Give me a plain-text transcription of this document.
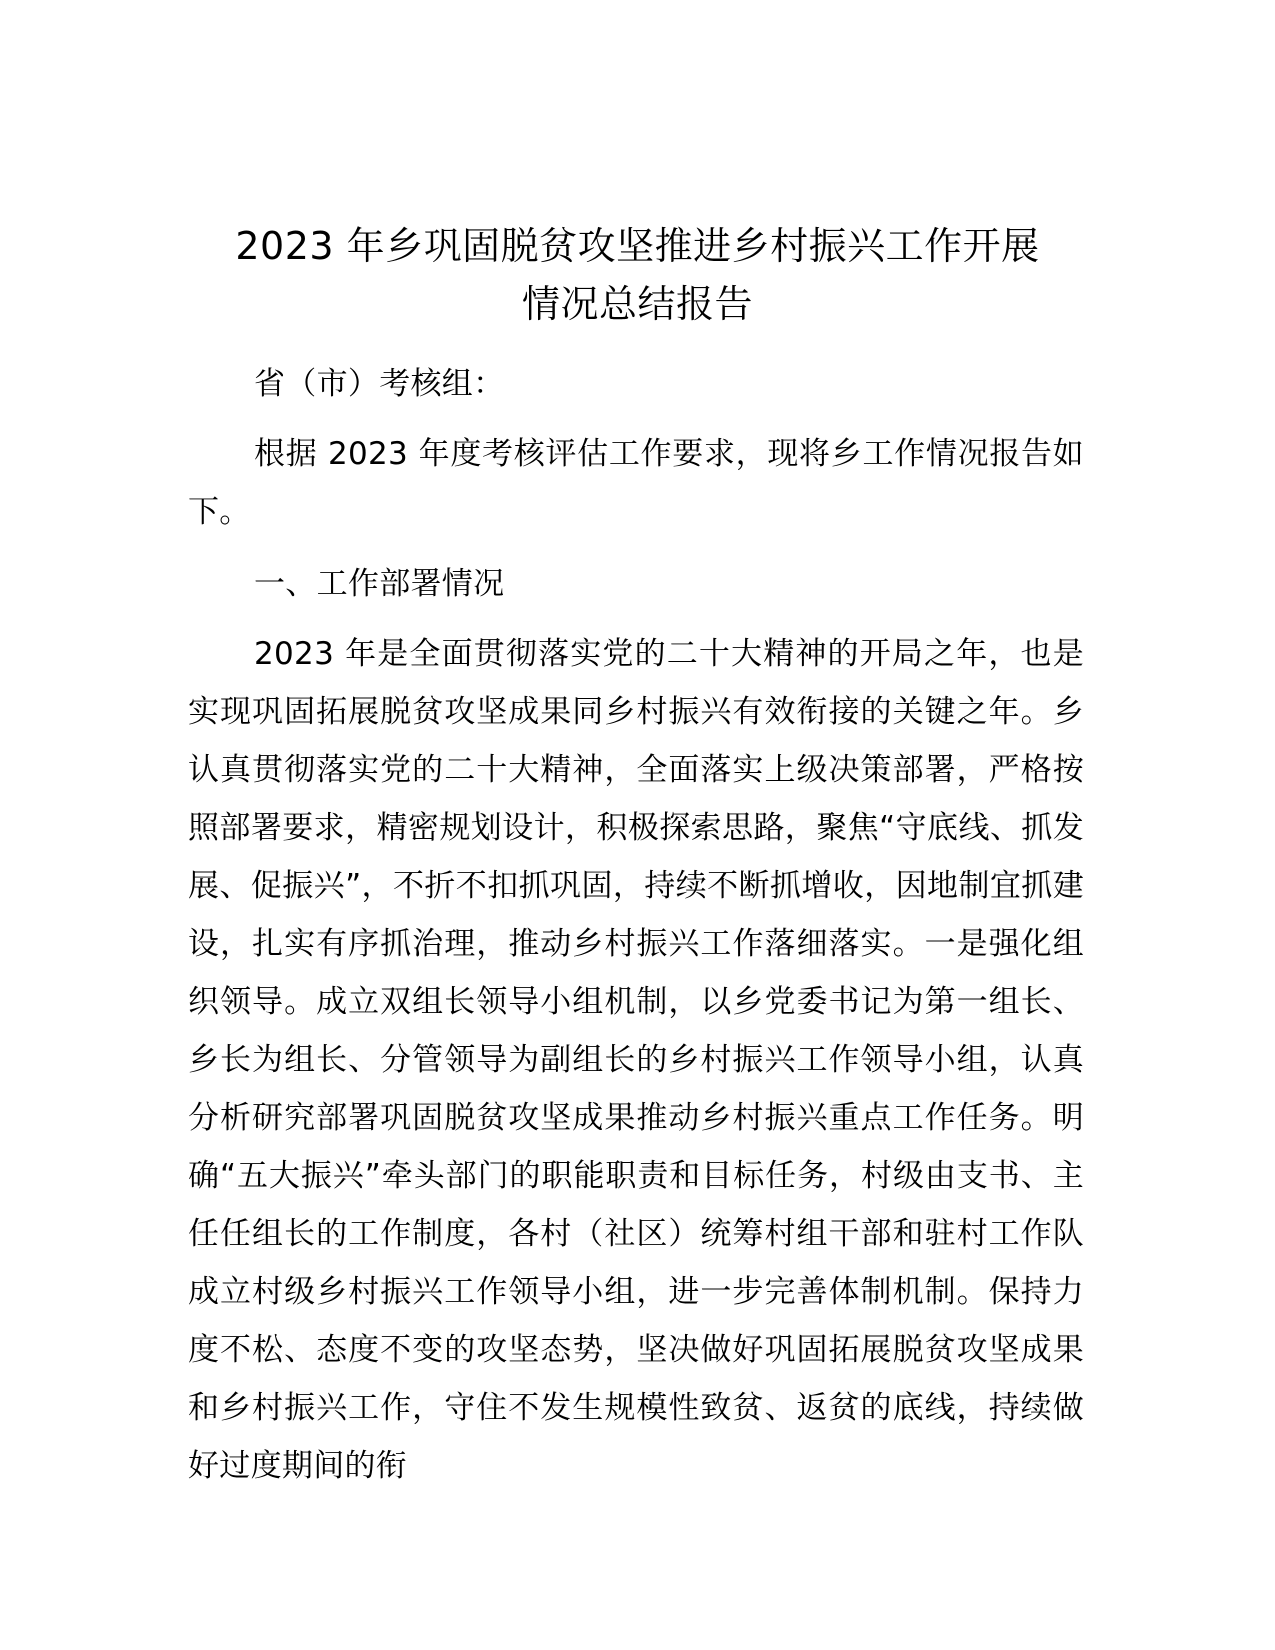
2023 年乡巩固脱贫攻坚推进乡村振兴工作开展
情况总结报告

省（市）考核组：

根据 2023 年度考核评估工作要求，现将乡工作情况报告如下。

一、工作部署情况

2023 年是全面贯彻落实党的二十大精神的开局之年，也是实现巩固拓展脱贫攻坚成果同乡村振兴有效衔接的关键之年。乡认真贯彻落实党的二十大精神，全面落实上级决策部署，严格按照部署要求，精密规划设计，积极探索思路，聚焦“守底线、抓发展、促振兴”，不折不扣抓巩固，持续不断抓增收，因地制宜抓建设，扎实有序抓治理，推动乡村振兴工作落细落实。一是强化组织领导。成立双组长领导小组机制，以乡党委书记为第一组长、乡长为组长、分管领导为副组长的乡村振兴工作领导小组，认真分析研究部署巩固脱贫攻坚成果推动乡村振兴重点工作任务。明确“五大振兴”牵头部门的职能职责和目标任务，村级由支书、主任任组长的工作制度，各村（社区）统筹村组干部和驻村工作队成立村级乡村振兴工作领导小组，进一步完善体制机制。保持力度不松、态度不变的攻坚态势，坚决做好巩固拓展脱贫攻坚成果和乡村振兴工作，守住不发生规模性致贫、返贫的底线，持续做好过度期间的衔
